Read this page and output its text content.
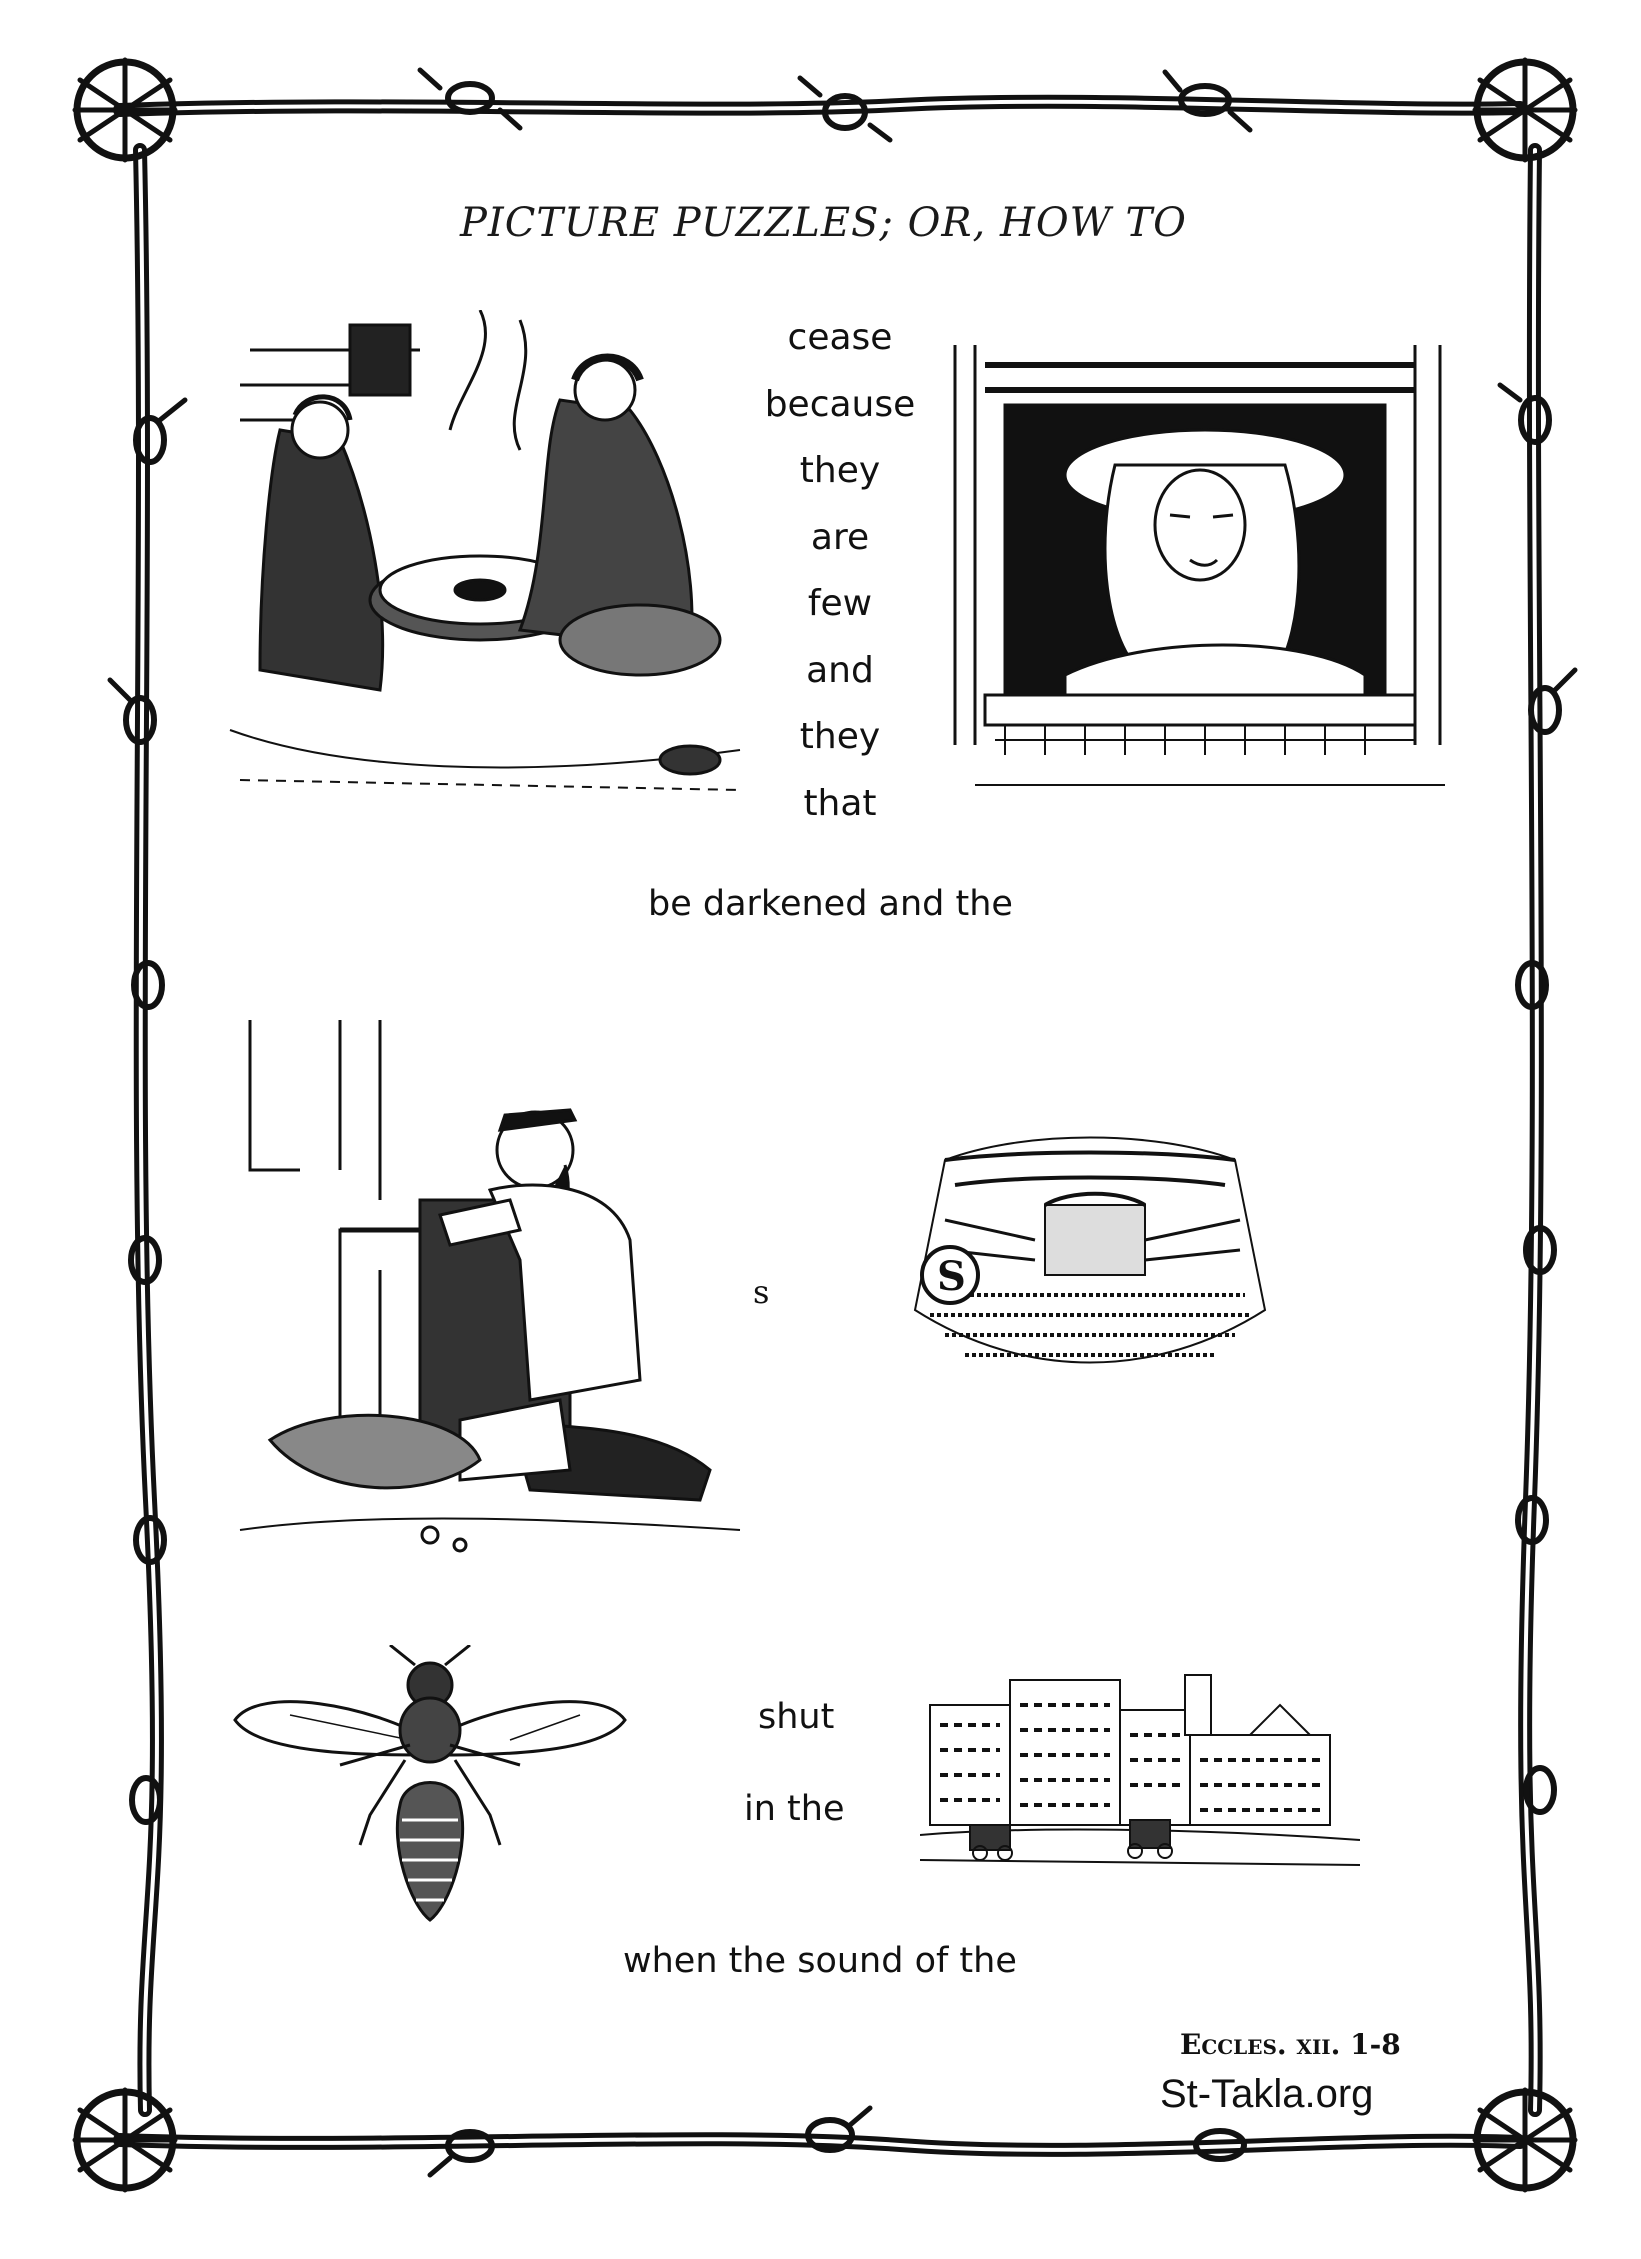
PICTURE PUZZLES; OR, HOW TO
cease
because
they
are
few
and
they
that
be darkened and the
s	S
shut
in the
when the sound of the
Eccles. xii. 1-8
St-Takla.org
